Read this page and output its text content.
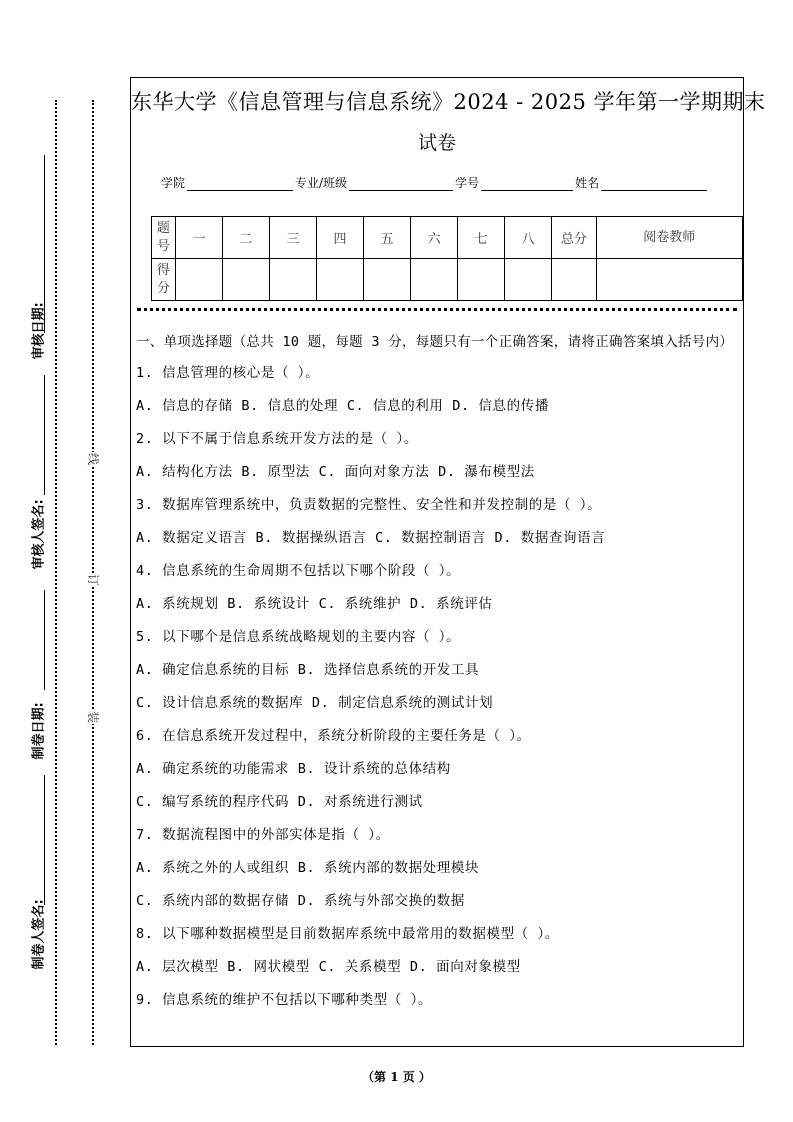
线
订
装
审核日期:
审核人签名:
制卷日期:
制卷人签名:
东华大学《信息管理与信息系统》2024 - 2025 学年第一学期期末
试卷
学院	专业/班级	学号	姓名
题号	一	二	三	四	五	六	七	八	总分	阅卷教师
得分										
一、单项选择题（总共 10 题，每题 3 分，每题只有一个正确答案，请将正确答案填入括号内）
1. 信息管理的核心是（ ）。
A. 信息的存储 B. 信息的处理 C. 信息的利用 D. 信息的传播
2. 以下不属于信息系统开发方法的是（ ）。
A. 结构化方法 B. 原型法 C. 面向对象方法 D. 瀑布模型法
3. 数据库管理系统中，负责数据的完整性、安全性和并发控制的是（ ）。
A. 数据定义语言 B. 数据操纵语言 C. 数据控制语言 D. 数据查询语言
4. 信息系统的生命周期不包括以下哪个阶段（ ）。
A. 系统规划 B. 系统设计 C. 系统维护 D. 系统评估
5. 以下哪个是信息系统战略规划的主要内容（ ）。
A. 确定信息系统的目标 B. 选择信息系统的开发工具
C. 设计信息系统的数据库 D. 制定信息系统的测试计划
6. 在信息系统开发过程中，系统分析阶段的主要任务是（ ）。
A. 确定系统的功能需求 B. 设计系统的总体结构
C. 编写系统的程序代码 D. 对系统进行测试
7. 数据流程图中的外部实体是指（ ）。
A. 系统之外的人或组织 B. 系统内部的数据处理模块
C. 系统内部的数据存储 D. 系统与外部交换的数据
8. 以下哪种数据模型是目前数据库系统中最常用的数据模型（ ）。
A. 层次模型 B. 网状模型 C. 关系模型 D. 面向对象模型
9. 信息系统的维护不包括以下哪种类型（ ）。
（第 1 页 ）
